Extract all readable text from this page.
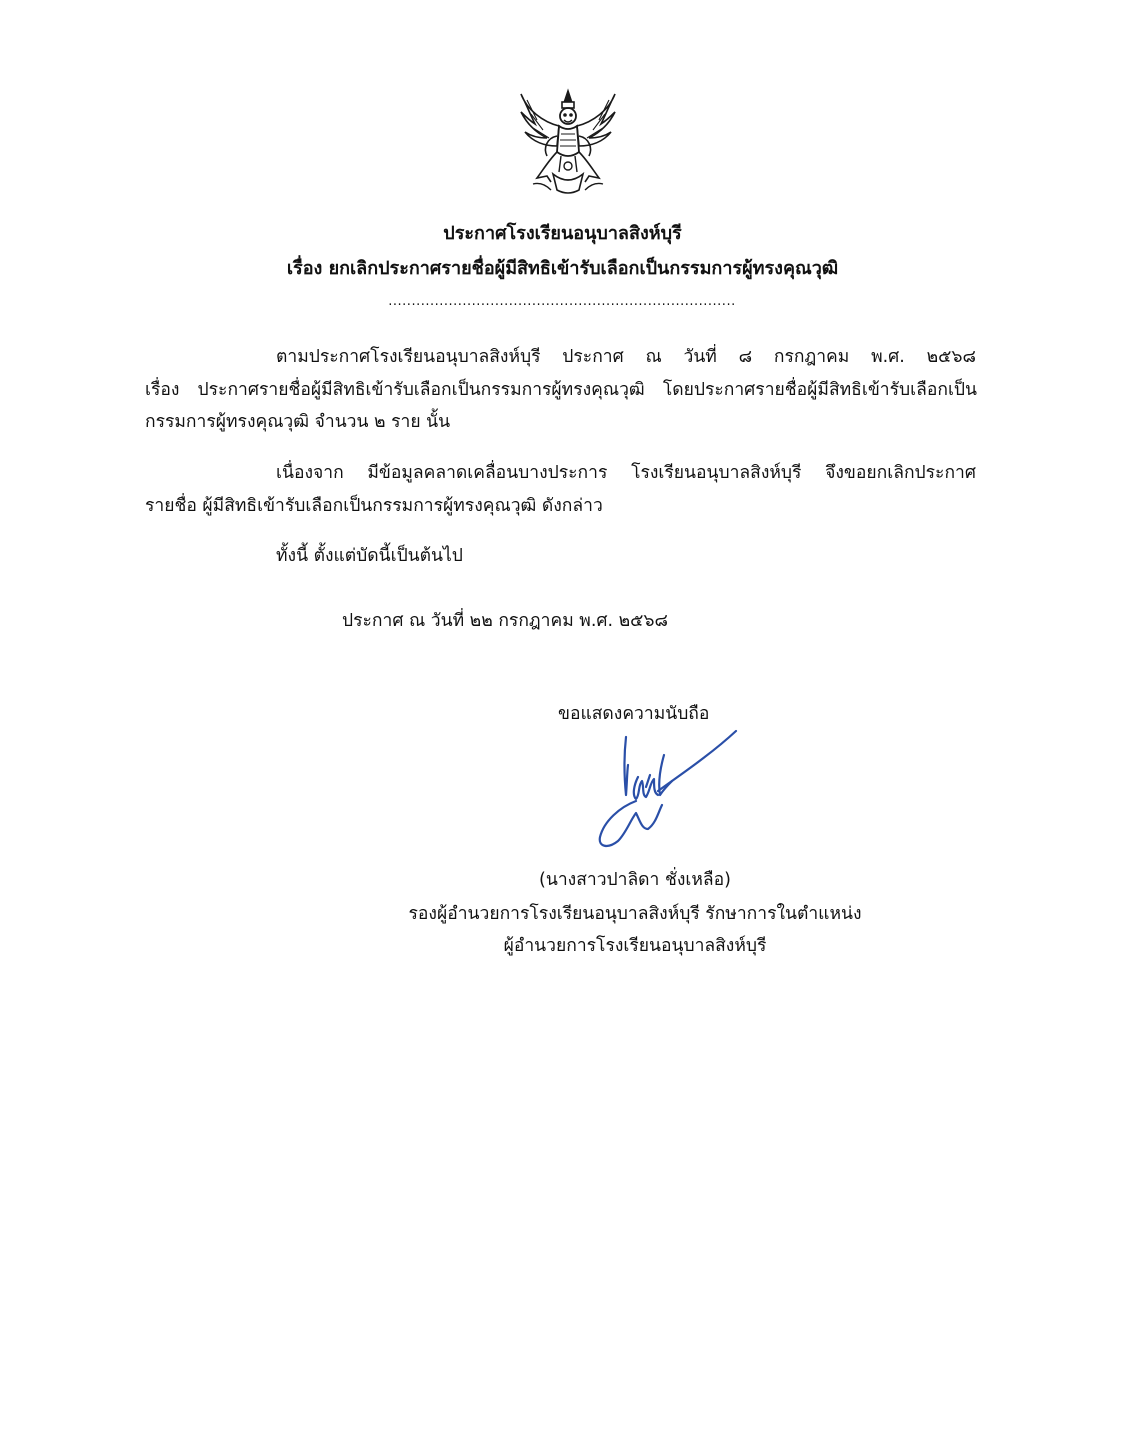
ประกาศโรงเรียนอนุบาลสิงห์บุรี
เรื่อง ยกเลิกประกาศรายชื่อผู้มีสิทธิเข้ารับเลือกเป็นกรรมการผู้ทรงคุณวุฒิ
...........................................................................
ตามประกาศโรงเรียนอนุบาลสิงห์บุรี ประกาศ ณ วันที่ ๘ กรกฎาคม พ.ศ. ๒๕๖๘
เรื่อง ประกาศรายชื่อผู้มีสิทธิเข้ารับเลือกเป็นกรรมการผู้ทรงคุณวุฒิ โดยประกาศรายชื่อผู้มีสิทธิเข้ารับเลือกเป็น
กรรมการผู้ทรงคุณวุฒิ จำนวน ๒ ราย นั้น
เนื่องจาก มีข้อมูลคลาดเคลื่อนบางประการ โรงเรียนอนุบาลสิงห์บุรี จึงขอยกเลิกประกาศ
รายชื่อ ผู้มีสิทธิเข้ารับเลือกเป็นกรรมการผู้ทรงคุณวุฒิ ดังกล่าว
ทั้งนี้ ตั้งแต่บัดนี้เป็นต้นไป
ประกาศ ณ วันที่ ๒๒ กรกฎาคม พ.ศ. ๒๕๖๘
ขอแสดงความนับถือ
(นางสาวปาลิดา ชั่งเหลือ)
รองผู้อำนวยการโรงเรียนอนุบาลสิงห์บุรี รักษาการในตำแหน่ง
ผู้อำนวยการโรงเรียนอนุบาลสิงห์บุรี
